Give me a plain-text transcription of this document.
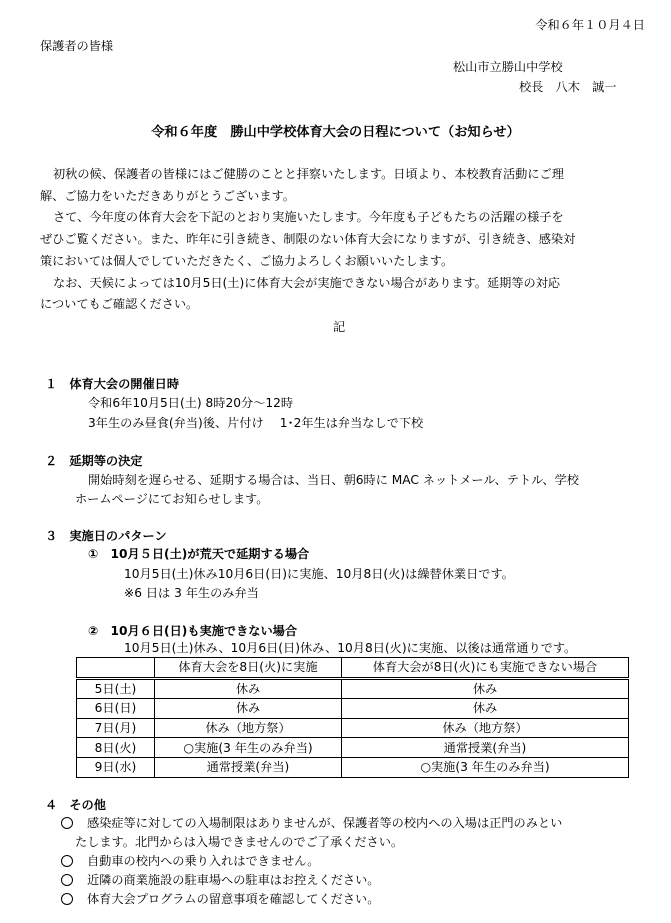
令和６年１０月４日
保護者の皆様
松山市立勝山中学校
校長　八木　誠一
令和６年度　勝山中学校体育大会の日程について（お知らせ）
初秋の候、保護者の皆様にはご健勝のことと拝察いたします。日頃より、本校教育活動にご理
解、ご協力をいただきありがとうございます。
さて、今年度の体育大会を下記のとおり実施いたします。今年度も子どもたちの活躍の様子を
ぜひご覧ください。また、昨年に引き続き、制限のない体育大会になりますが、引き続き、感染対
策においては個人でしていただきたく、ご協力よろしくお願いいたします。
なお、天候によっては10月5日(土)に体育大会が実施できない場合があります。延期等の対応
についてもご確認ください。
記
１　体育大会の開催日時
令和6年10月5日(土) 8時20分～12時
3年生のみ昼食(弁当)後、片付け　 1･2年生は弁当なしで下校
２　延期等の決定
開始時刻を遅らせる、延期する場合は、当日、朝6時に MAC ネットメール、テトル、学校
ホームページにてお知らせします。
３　実施日のパターン
①　10月５日(土)が荒天で延期する場合
10月5日(土)休み10月6日(日)に実施、10月8日(火)は繰替休業日です。
※6 日は 3 年生のみ弁当
②　10月６日(日)も実施できない場合
10月5日(土)休み、10月6日(日)休み、10月8日(火)に実施、以後は通常通りです。
	体育大会を8日(火)に実施	体育大会が8日(火)にも実施できない場合
5日(土)	休み	休み
6日(日)	休み	休み
7日(月)	休み（地方祭）	休み（地方祭）
8日(火)	○実施(3 年生のみ弁当)	通常授業(弁当)
9日(水)	通常授業(弁当)	○実施(3 年生のみ弁当)
４　その他
感染症等に対しての入場制限はありませんが、保護者等の校内への入場は正門のみとい
たします。北門からは入場できませんのでご了承ください。
自動車の校内への乗り入れはできません。
近隣の商業施設の駐車場への駐車はお控えください。
体育大会プログラムの留意事項を確認してください。
